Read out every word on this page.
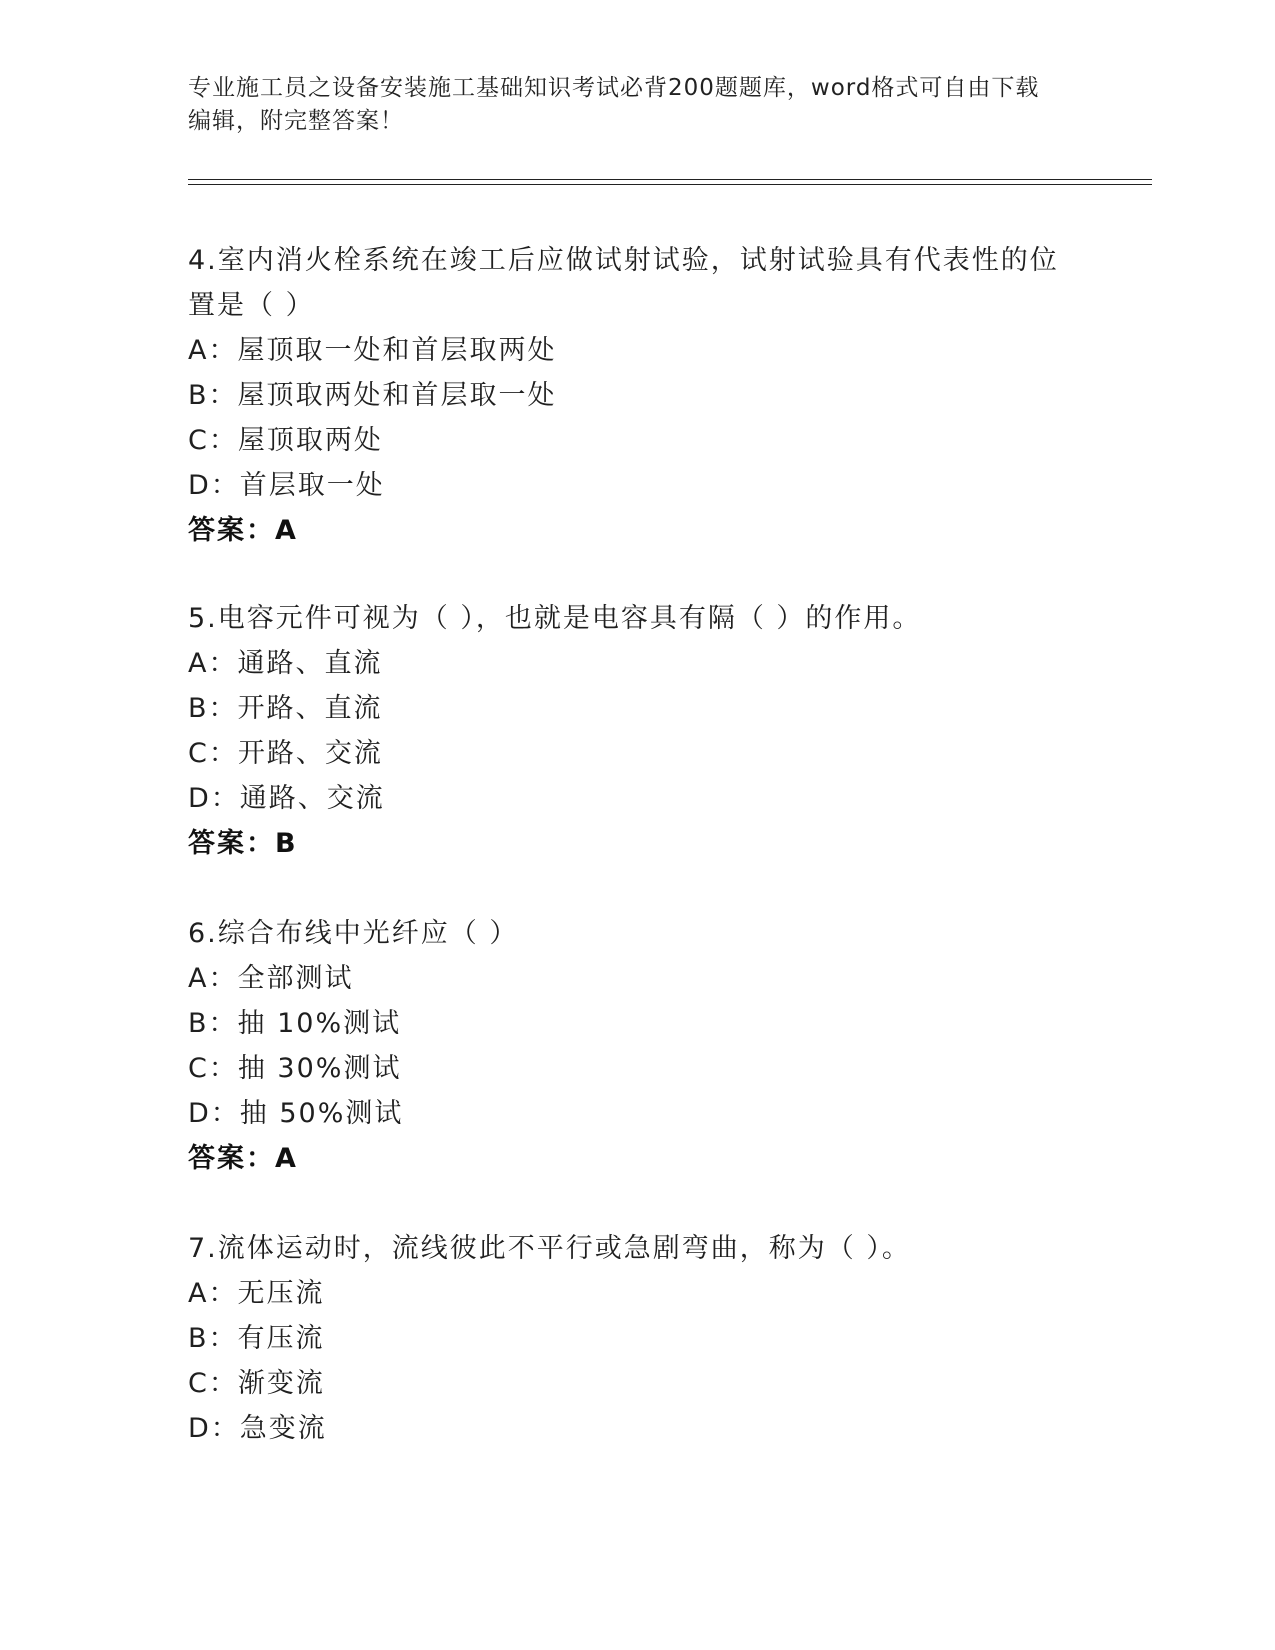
专业施工员之设备安装施工基础知识考试必背200题题库，word格式可自由下载
编辑，附完整答案！
4.室内消火栓系统在竣工后应做试射试验，试射试验具有代表性的位
置是（ ）
A：屋顶取一处和首层取两处
B：屋顶取两处和首层取一处
C：屋顶取两处
D：首层取一处
答案：A
5.电容元件可视为（ ），也就是电容具有隔（ ）的作用。
A：通路、直流
B：开路、直流
C：开路、交流
D：通路、交流
答案：B
6.综合布线中光纤应（ ）
A：全部测试
B：抽 10%测试
C：抽 30%测试
D：抽 50%测试
答案：A
7.流体运动时，流线彼此不平行或急剧弯曲，称为（ ）。
A：无压流
B：有压流
C：渐变流
D：急变流
